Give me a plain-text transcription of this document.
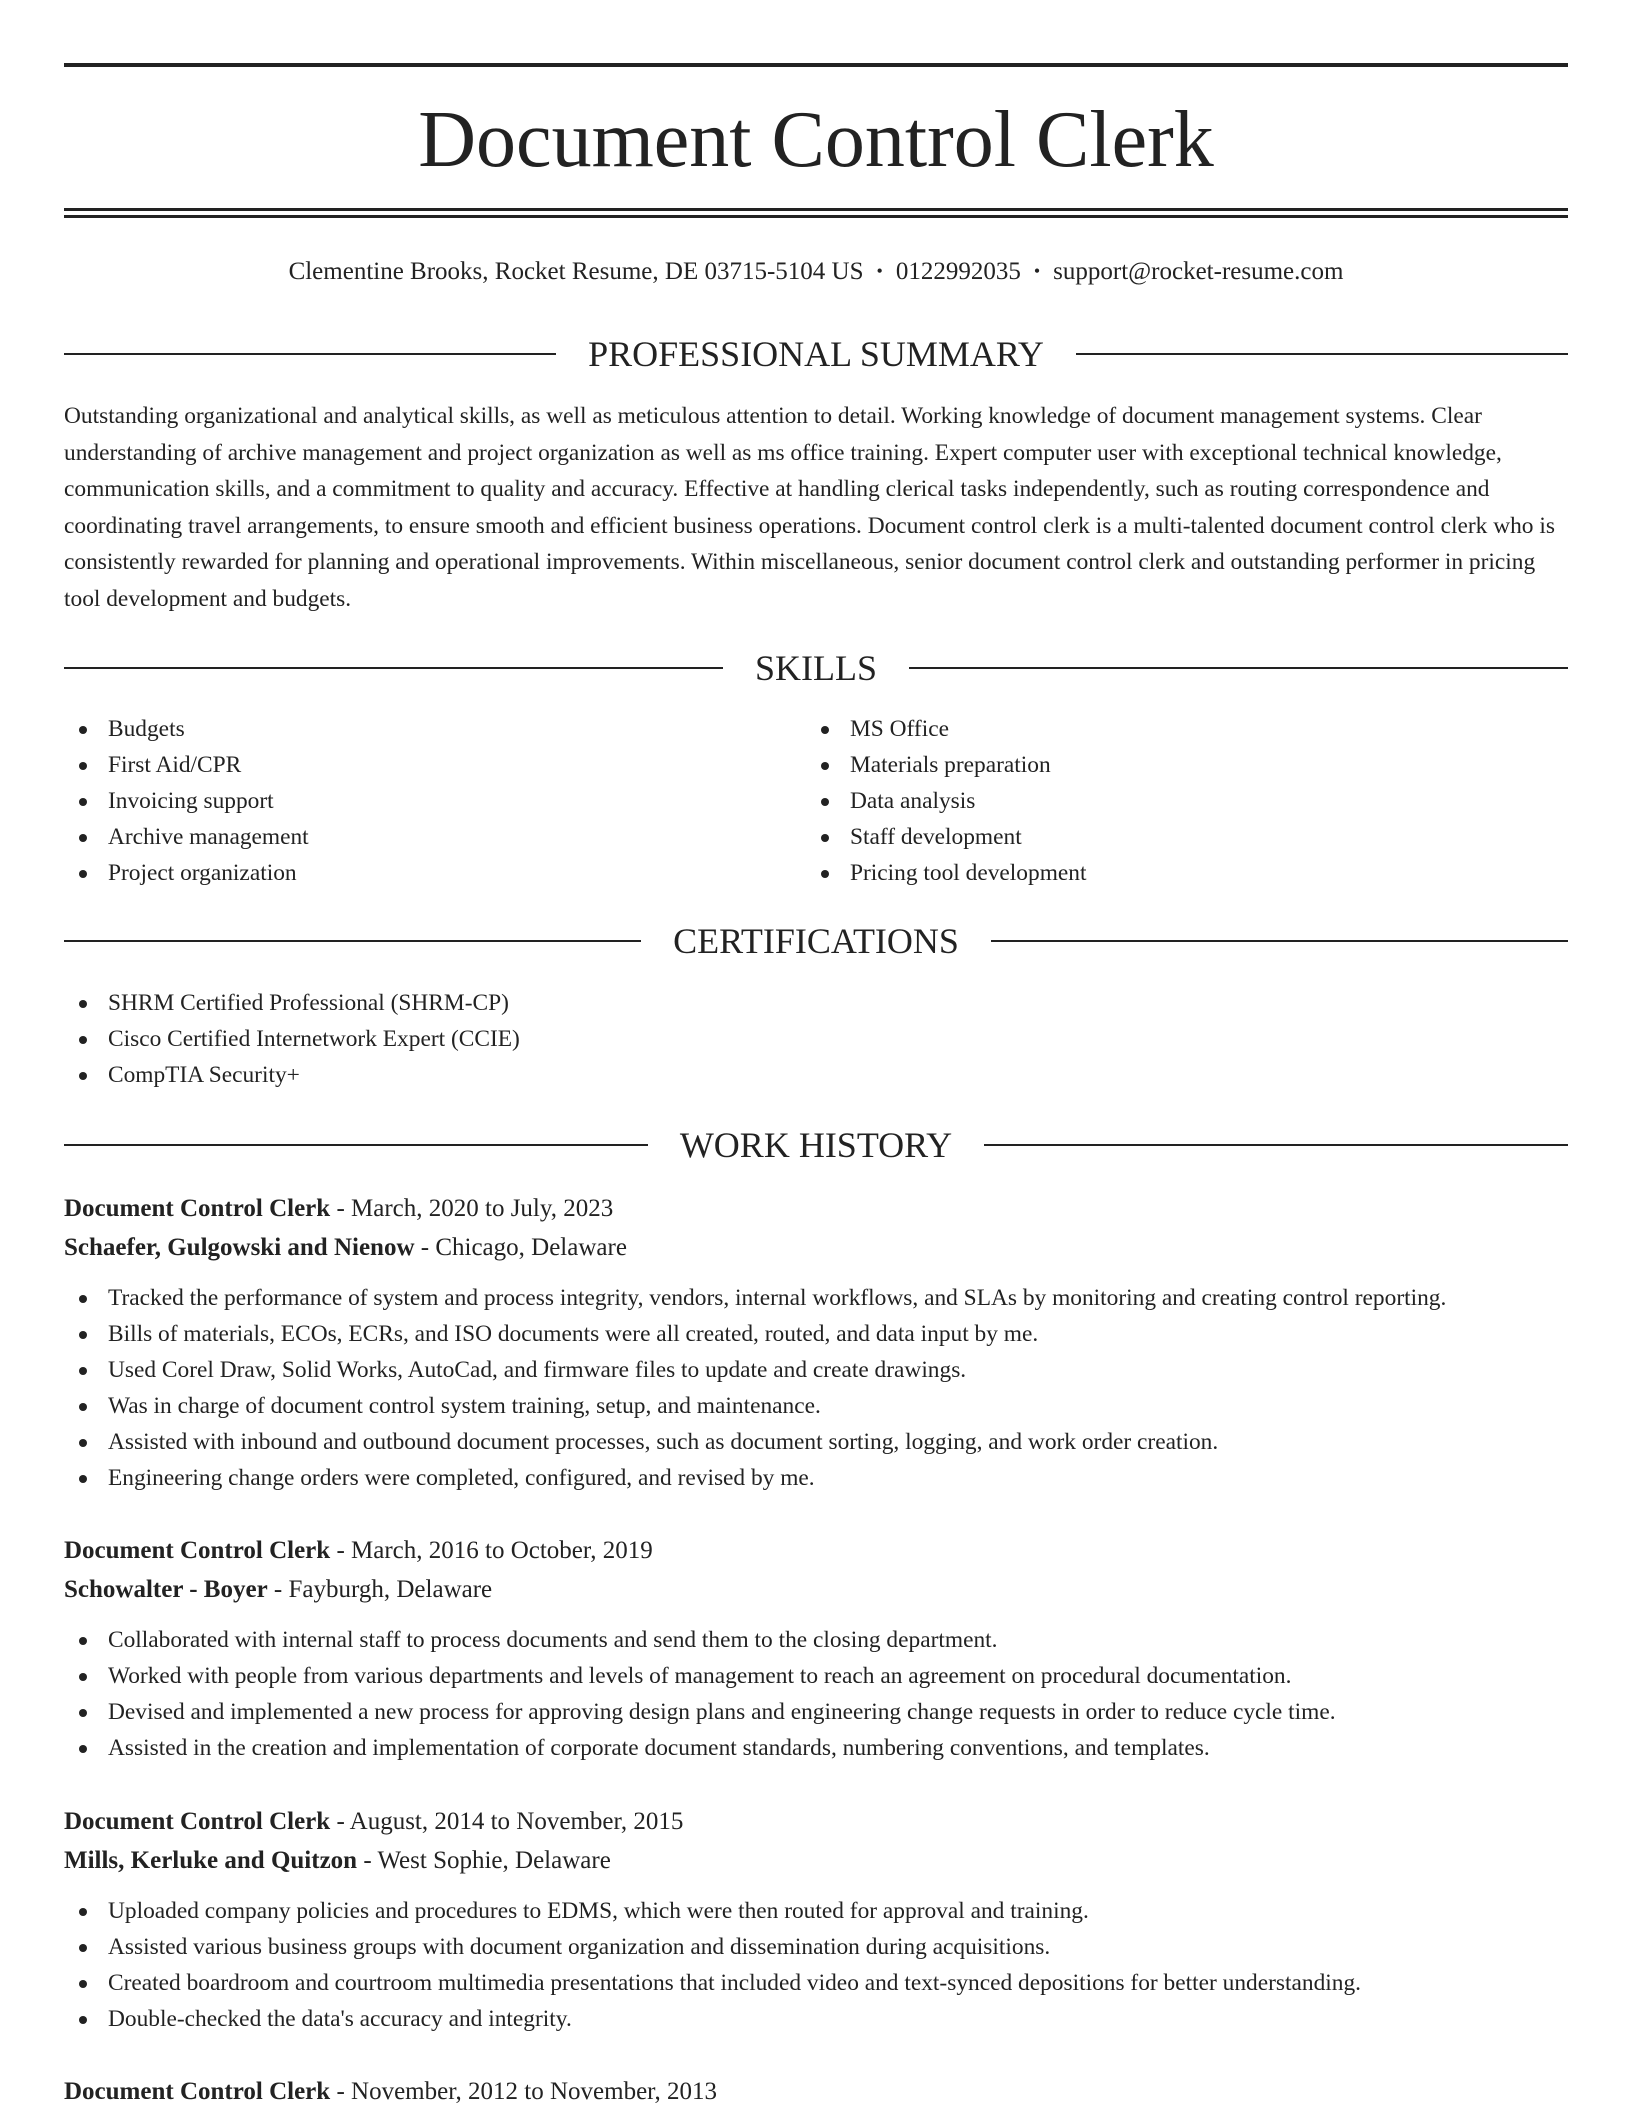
Document Control Clerk
Clementine Brooks, Rocket Resume, DE 03715-5104 US • 0122992035 • support@rocket-resume.com
PROFESSIONAL SUMMARY

Outstanding organizational and analytical skills, as well as meticulous attention to detail. Working knowledge of document management systems. Clear understanding of archive management and project organization as well as ms office training. Expert computer user with exceptional technical knowledge, communication skills, and a commitment to quality and accuracy. Effective at handling clerical tasks independently, such as routing correspondence and coordinating travel arrangements, to ensure smooth and efficient business operations. Document control clerk is a multi-talented document control clerk who is consistently rewarded for planning and operational improvements. Within miscellaneous, senior document control clerk and outstanding performer in pricing tool development and budgets.

SKILLS
Budgets
First Aid/CPR
Invoicing support
Archive management
Project organization
MS Office
Materials preparation
Data analysis
Staff development
Pricing tool development
CERTIFICATIONS
SHRM Certified Professional (SHRM-CP)
Cisco Certified Internetwork Expert (CCIE)
CompTIA Security+
WORK HISTORY
Document Control Clerk - March, 2020 to July, 2023
Schaefer, Gulgowski and Nienow - Chicago, Delaware
Tracked the performance of system and process integrity, vendors, internal workflows, and SLAs by monitoring and creating control reporting.
Bills of materials, ECOs, ECRs, and ISO documents were all created, routed, and data input by me.
Used Corel Draw, Solid Works, AutoCad, and firmware files to update and create drawings.
Was in charge of document control system training, setup, and maintenance.
Assisted with inbound and outbound document processes, such as document sorting, logging, and work order creation.
Engineering change orders were completed, configured, and revised by me.
Document Control Clerk - March, 2016 to October, 2019
Schowalter - Boyer - Fayburgh, Delaware
Collaborated with internal staff to process documents and send them to the closing department.
Worked with people from various departments and levels of management to reach an agreement on procedural documentation.
Devised and implemented a new process for approving design plans and engineering change requests in order to reduce cycle time.
Assisted in the creation and implementation of corporate document standards, numbering conventions, and templates.
Document Control Clerk - August, 2014 to November, 2015
Mills, Kerluke and Quitzon - West Sophie, Delaware
Uploaded company policies and procedures to EDMS, which were then routed for approval and training.
Assisted various business groups with document organization and dissemination during acquisitions.
Created boardroom and courtroom multimedia presentations that included video and text-synced depositions for better understanding.
Double-checked the data's accuracy and integrity.
Document Control Clerk - November, 2012 to November, 2013
